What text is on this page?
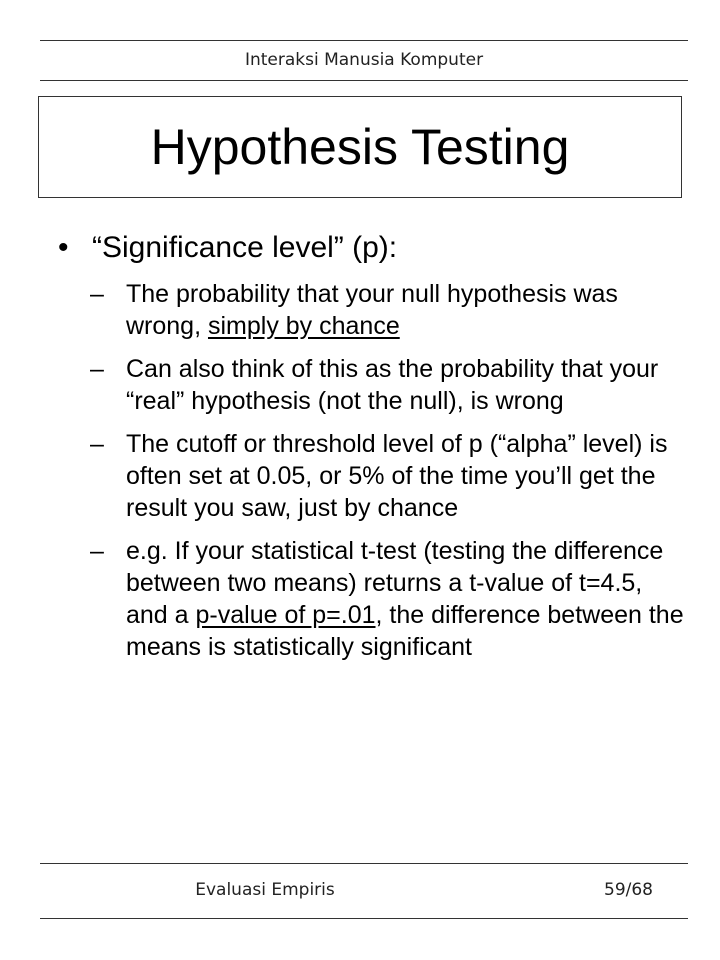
Interaksi Manusia Komputer
Hypothesis Testing
• “Significance level” (p):
– The probability that your null hypothesis was wrong, simply by chance
– Can also think of this as the probability that your “real” hypothesis (not the null), is wrong
– The cutoff or threshold level of p (“alpha” level) is often set at 0.05, or 5% of the time you’ll get the result you saw, just by chance
– e.g. If your statistical t-test (testing the difference between two means) returns a t-value of t=4.5, and a p-value of p=.01, the difference between the means is statistically significant
Evaluasi Empiris	59/68
